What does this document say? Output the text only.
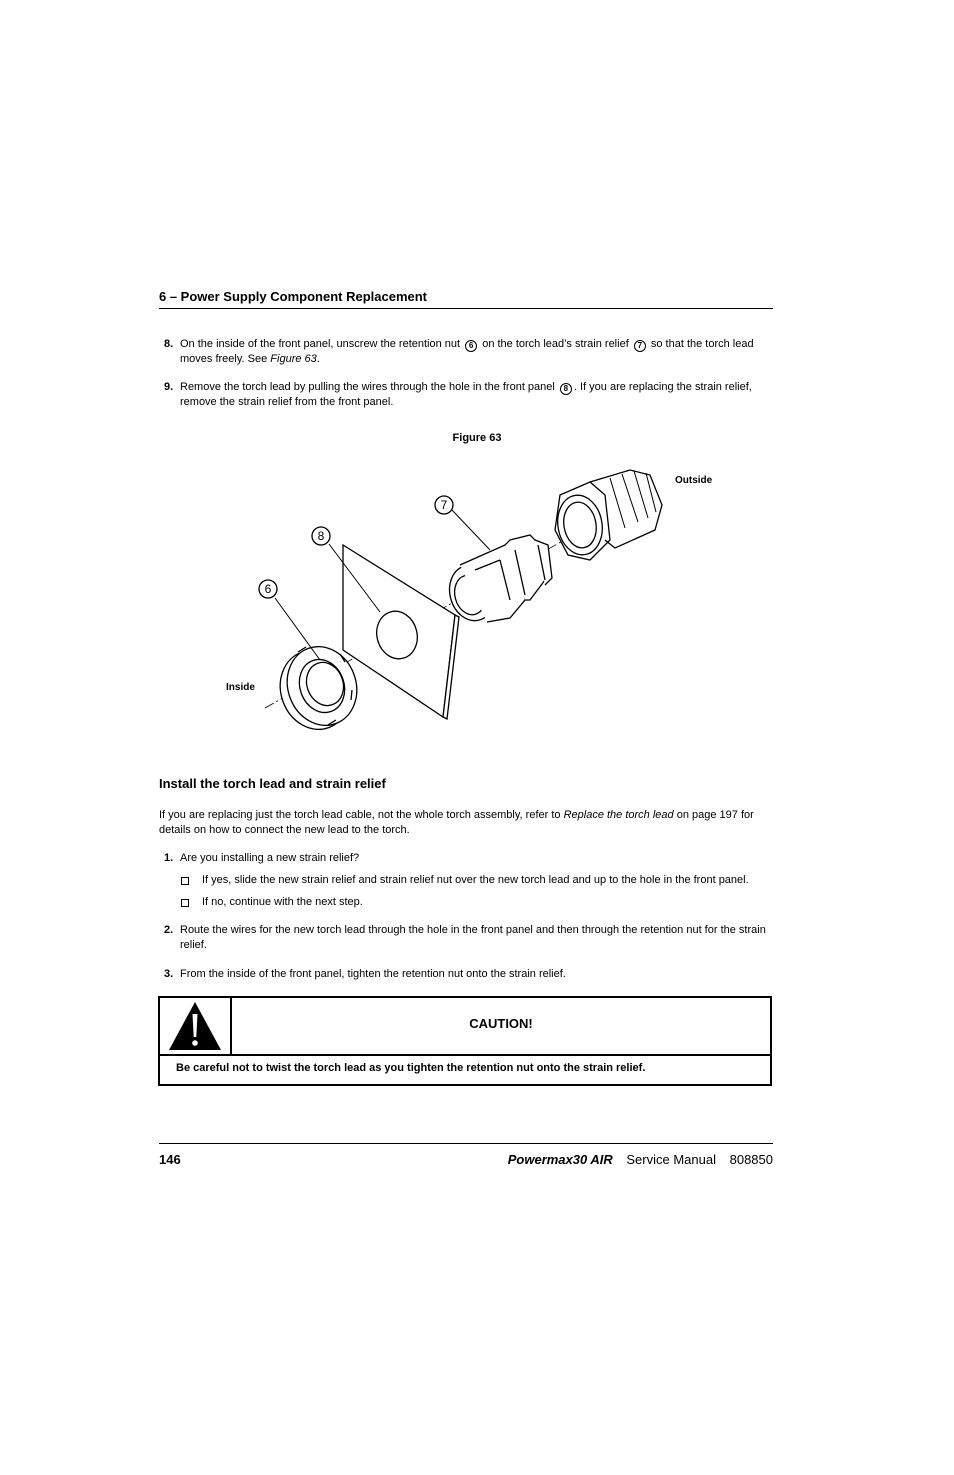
6 – Power Supply Component Replacement
8. On the inside of the front panel, unscrew the retention nut 6 on the torch lead’s strain relief 7 so that the torch lead moves freely. See Figure 63.
9. Remove the torch lead by pulling the wires through the hole in the front panel 8 . If you are replacing the strain relief, remove the strain relief from the front panel.
Figure 63
7
8
6
Outside
Inside
Install the torch lead and strain relief
If you are replacing just the torch lead cable, not the whole torch assembly, refer to Replace the torch lead on page 197 for details on how to connect the new lead to the torch.
1. Are you installing a new strain relief?
If yes, slide the new strain relief and strain relief nut over the new torch lead and up to the hole in the front panel.
If no, continue with the next step.
2. Route the wires for the new torch lead through the hole in the front panel and then through the retention nut for the strain relief.
3. From the inside of the front panel, tighten the retention nut onto the strain relief.
CAUTION!
Be careful not to twist the torch lead as you tighten the retention nut onto the strain relief.
146	Powermax30 AIR Service Manual 808850
